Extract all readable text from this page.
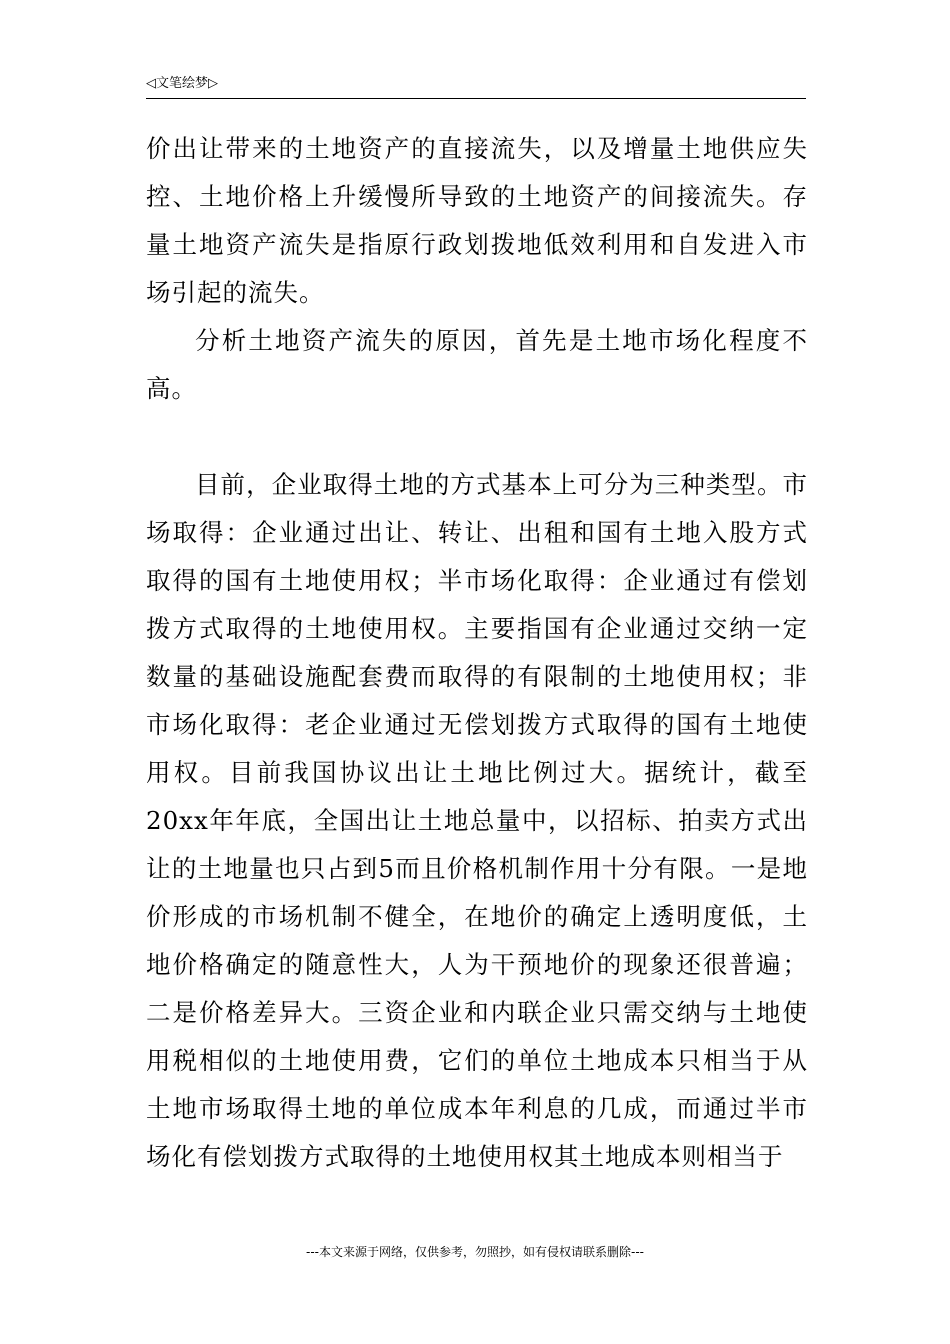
◁文笔绘梦▷

价出让带来的土地资产的直接流失，以及增量土地供应失控、土地价格上升缓慢所导致的土地资产的间接流失。存量土地资产流失是指原行政划拨地低效利用和自发进入市场引起的流失。

分析土地资产流失的原因，首先是土地市场化程度不高。

目前，企业取得土地的方式基本上可分为三种类型。市场取得：企业通过出让、转让、出租和国有土地入股方式取得的国有土地使用权；半市场化取得：企业通过有偿划拨方式取得的土地使用权。主要指国有企业通过交纳一定数量的基础设施配套费而取得的有限制的土地使用权；非市场化取得：老企业通过无偿划拨方式取得的国有土地使用权。目前我国协议出让土地比例过大。据统计，截至20xx年年底，全国出让土地总量中，以招标、拍卖方式出让的土地量也只占到5而且价格机制作用十分有限。一是地价形成的市场机制不健全，在地价的确定上透明度低，土地价格确定的随意性大，人为干预地价的现象还很普遍；二是价格差异大。三资企业和内联企业只需交纳与土地使用税相似的土地使用费，它们的单位土地成本只相当于从土地市场取得土地的单位成本年利息的几成，而通过半市场化有偿划拨方式取得的土地使用权其土地成本则相当于

---本文来源于网络，仅供参考，勿照抄，如有侵权请联系删除---
